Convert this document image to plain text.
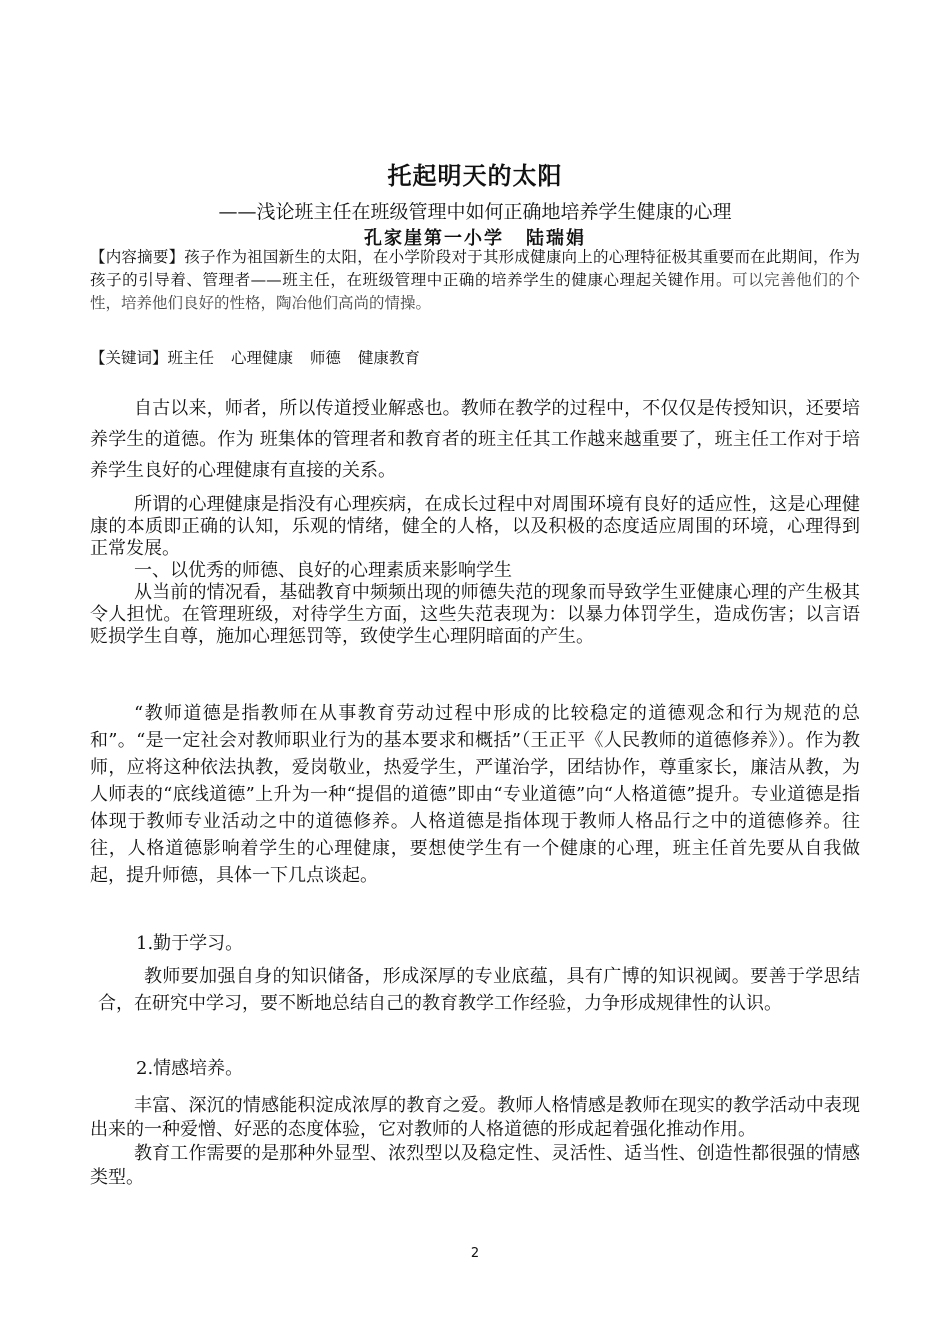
托起明天的太阳
——浅论班主任在班级管理中如何正确地培养学生健康的心理
孔家崖第一小学 陆瑞娟
【内容摘要】孩子作为祖国新生的太阳，在小学阶段对于其形成健康向上的心理特征极其重要而在此期间，作为孩子的引导着、管理者——班主任，在班级管理中正确的培养学生的健康心理起关键作用。可以完善他们的个性，培养他们良好的性格，陶冶他们高尚的情操。
【关键词】班主任 心理健康 师德 健康教育

自古以来，师者，所以传道授业解惑也。教师在教学的过程中，不仅仅是传授知识，还要培养学生的道德。作为 班集体的管理者和教育者的班主任其工作越来越重要了，班主任工作对于培养学生良好的心理健康有直接的关系。

所谓的心理健康是指没有心理疾病，在成长过程中对周围环境有良好的适应性，这是心理健康的本质即正确的认知，乐观的情绪，健全的人格，以及积极的态度适应周围的环境，心理得到正常发展。

一、以优秀的师德、良好的心理素质来影响学生

从当前的情况看，基础教育中频频出现的师德失范的现象而导致学生亚健康心理的产生极其令人担忧。在管理班级，对待学生方面，这些失范表现为：以暴力体罚学生，造成伤害；以言语贬损学生自尊，施加心理惩罚等，致使学生心理阴暗面的产生。

“教师道德是指教师在从事教育劳动过程中形成的比较稳定的道德观念和行为规范的总和”。“是一定社会对教师职业行为的基本要求和概括”（王正平《人民教师的道德修养》）。作为教师，应将这种依法执教，爱岗敬业，热爱学生，严谨治学，团结协作，尊重家长，廉洁从教，为人师表的“底线道德”上升为一种“提倡的道德”即由“专业道德”向“人格道德”提升。专业道德是指体现于教师专业活动之中的道德修养。人格道德是指体现于教师人格品行之中的道德修养。往往，人格道德影响着学生的心理健康，要想使学生有一个健康的心理，班主任首先要从自我做起，提升师德，具体一下几点谈起。

1.勤于学习。

教师要加强自身的知识储备，形成深厚的专业底蕴，具有广博的知识视阈。要善于学思结合，在研究中学习，要不断地总结自己的教育教学工作经验，力争形成规律性的认识。

2.情感培养。

丰富、深沉的情感能积淀成浓厚的教育之爱。教师人格情感是教师在现实的教学活动中表现出来的一种爱憎、好恶的态度体验，它对教师的人格道德的形成起着强化推动作用。

教育工作需要的是那种外显型、浓烈型以及稳定性、灵活性、适当性、创造性都很强的情感类型。

2
